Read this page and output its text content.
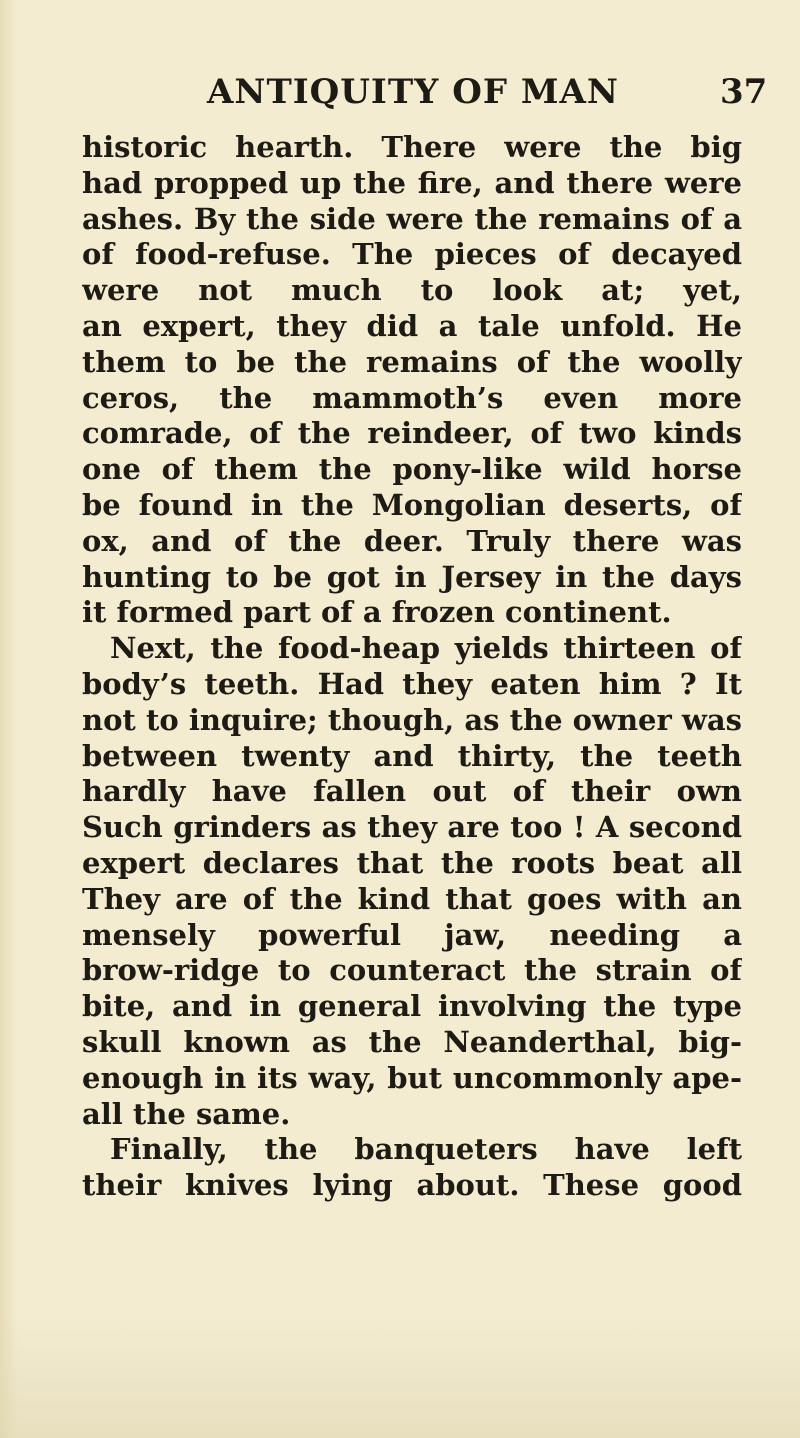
ANTIQUITY OF MAN	37
historic hearth. There were the big
had propped up the fire, and there were
ashes. By the side were the remains of a
of food-refuse. The pieces of decayed
were not much to look at; yet,
an expert, they did a tale unfold. He
them to be the remains of the woolly
ceros, the mammoth’s even more
comrade, of the reindeer, of two kinds
one of them the pony-like wild horse
be found in the Mongolian deserts, of
ox, and of the deer. Truly there was
hunting to be got in Jersey in the days
it formed part of a frozen continent.
Next, the food-heap yields thirteen of
body’s teeth. Had they eaten him ? It
not to inquire; though, as the owner was
between twenty and thirty, the teeth
hardly have fallen out of their own
Such grinders as they are too ! A second
expert declares that the roots beat all
They are of the kind that goes with an
mensely powerful jaw, needing a
brow-ridge to counteract the strain of
bite, and in general involving the type
skull known as the Neanderthal, big-
enough in its way, but uncommonly ape-
all the same.
Finally, the banqueters have left
their knives lying about. These good
